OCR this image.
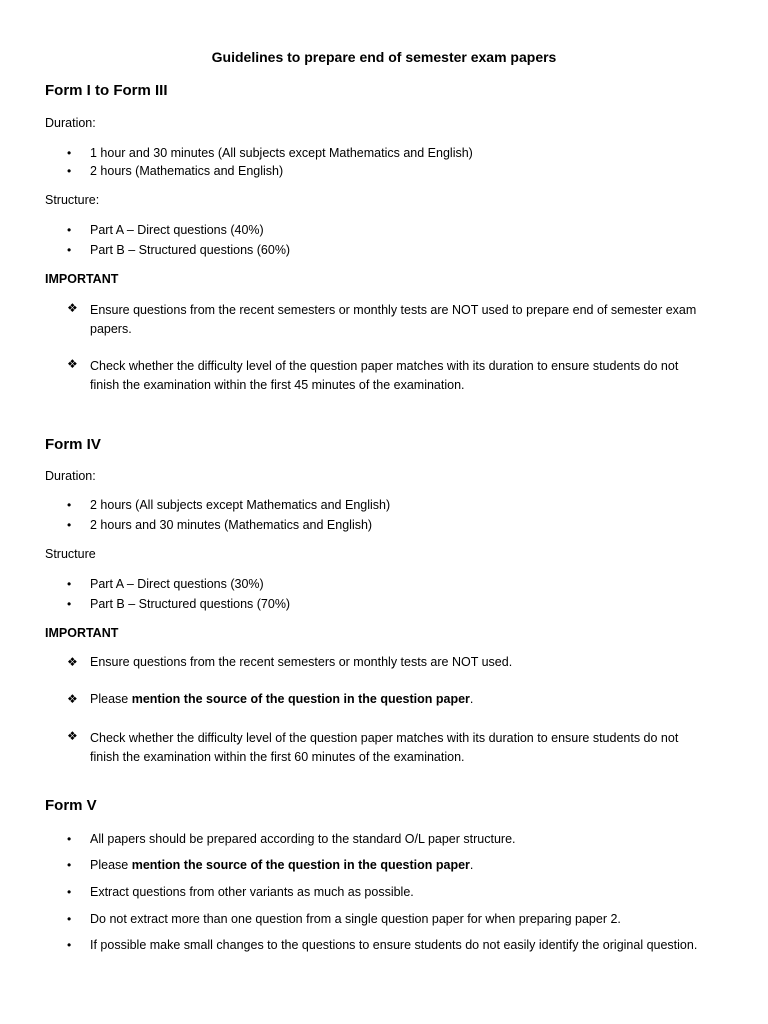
Guidelines to prepare end of semester exam papers
Form I to Form III
Duration:
• 1 hour and 30 minutes (All subjects except Mathematics and English)
• 2 hours (Mathematics and English)
Structure:
• Part A – Direct questions (40%)
• Part B – Structured questions (60%)
IMPORTANT
❖ Ensure questions from the recent semesters or monthly tests are NOT used to prepare end of semester exam papers.
❖ Check whether the difficulty level of the question paper matches with its duration to ensure students do not finish the examination within the first 45 minutes of the examination.
Form IV
Duration:
• 2 hours (All subjects except Mathematics and English)
• 2 hours and 30 minutes (Mathematics and English)
Structure
• Part A – Direct questions (30%)
• Part B – Structured questions (70%)
IMPORTANT
❖ Ensure questions from the recent semesters or monthly tests are NOT used.
❖ Please mention the source of the question in the question paper.
❖ Check whether the difficulty level of the question paper matches with its duration to ensure students do not finish the examination within the first 60 minutes of the examination.
Form V
• All papers should be prepared according to the standard O/L paper structure.
• Please mention the source of the question in the question paper.
• Extract questions from other variants as much as possible.
• Do not extract more than one question from a single question paper for when preparing paper 2.
• If possible make small changes to the questions to ensure students do not easily identify the original question.
